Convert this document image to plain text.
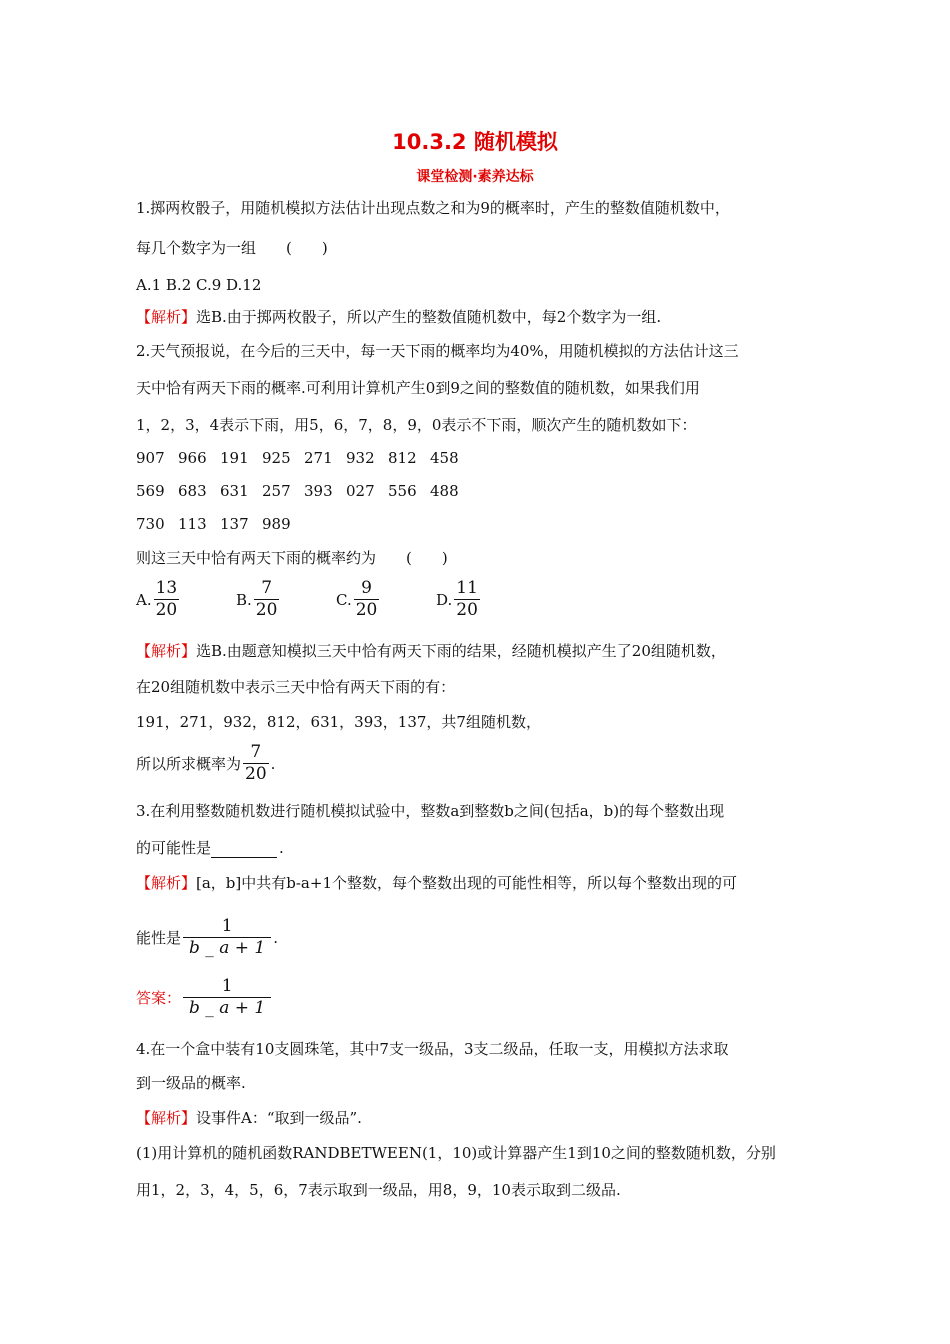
10.3.2 随机模拟
课堂检测·素养达标
1.掷两枚骰子，用随机模拟方法估计出现点数之和为9的概率时，产生的整数值随机数中，
每几个数字为一组　　(　　)
A.1 B.2 C.9 D.12
【解析】选B.由于掷两枚骰子，所以产生的整数值随机数中，每2个数字为一组.
2.天气预报说，在今后的三天中，每一天下雨的概率均为40%，用随机模拟的方法估计这三
天中恰有两天下雨的概率.可利用计算机产生0到9之间的整数值的随机数，如果我们用
1，2，3，4表示下雨，用5，6，7，8，9，0表示不下雨，顺次产生的随机数如下：
907 966 191 925 271 932 812 458
569 683 631 257 393 027 556 488
730 113 137 989
则这三天中恰有两天下雨的概率约为　　(　　)
A. $\frac{13}{20}$	B. $\frac{7}{20}$	C. $\frac{9}{20}$	D. $\frac{11}{20}$
【解析】选B.由题意知模拟三天中恰有两天下雨的结果，经随机模拟产生了20组随机数，
在20组随机数中表示三天中恰有两天下雨的有：
191，271，932，812，631，393，137，共7组随机数，
所以所求概率为 $\frac{7}{20}$ .
3.在利用整数随机数进行随机模拟试验中，整数a到整数b之间(包括a，b)的每个整数出现
的可能性是	.
【解析】[a，b]中共有b-a+1个整数，每个整数出现的可能性相等，所以每个整数出现的可
能性是 $\frac{1}{b \_ a + 1}$ .
答案： $\frac{1}{b \_ a + 1}$
4.在一个盒中装有10支圆珠笔，其中7支一级品，3支二级品，任取一支，用模拟方法求取
到一级品的概率.
【解析】设事件A：“取到一级品”.
(1)用计算机的随机函数RANDBETWEEN(1，10)或计算器产生1到10之间的整数随机数，分别
用1，2，3，4，5，6，7表示取到一级品，用8，9，10表示取到二级品.
